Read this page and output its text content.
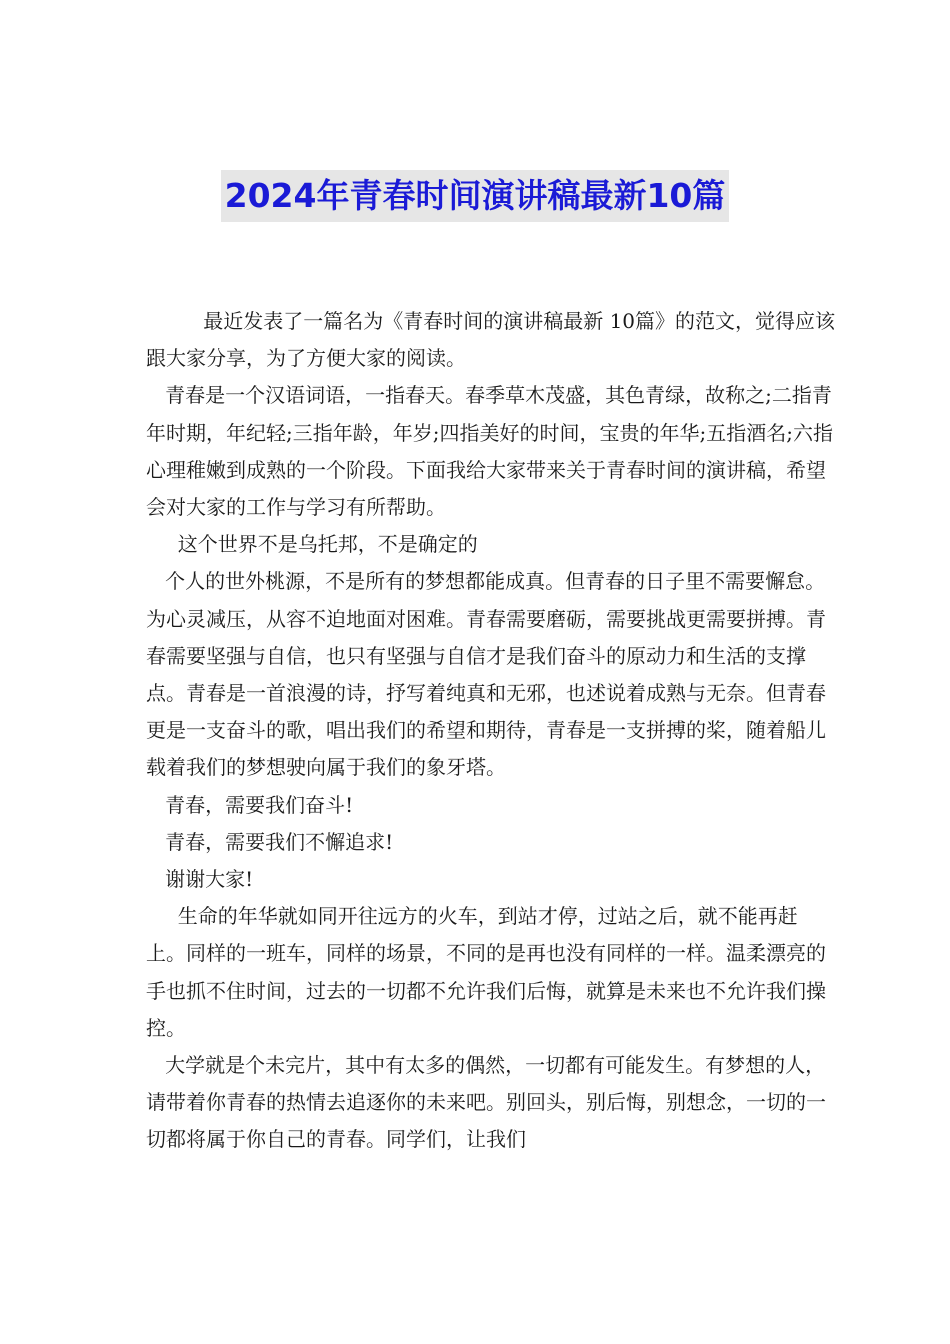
2024年青春时间演讲稿最新10篇

最近发表了一篇名为《青春时间的演讲稿最新 10篇》的范文，觉得应该跟大家分享，为了方便大家的阅读。

青春是一个汉语词语，一指春天。春季草木茂盛，其色青绿，故称之;二指青年时期，年纪轻;三指年龄，年岁;四指美好的时间，宝贵的年华;五指酒名;六指心理稚嫩到成熟的一个阶段。下面我给大家带来关于青春时间的演讲稿，希望会对大家的工作与学习有所帮助。

这个世界不是乌托邦，不是确定的

个人的世外桃源，不是所有的梦想都能成真。但青春的日子里不需要懈怠。为心灵减压，从容不迫地面对困难。青春需要磨砺，需要挑战更需要拼搏。青春需要坚强与自信，也只有坚强与自信才是我们奋斗的原动力和生活的支撑点。青春是一首浪漫的诗，抒写着纯真和无邪，也述说着成熟与无奈。但青春更是一支奋斗的歌，唱出我们的希望和期待，青春是一支拼搏的桨，随着船儿载着我们的梦想驶向属于我们的象牙塔。

青春，需要我们奋斗!

青春，需要我们不懈追求!

谢谢大家!

生命的年华就如同开往远方的火车，到站才停，过站之后，就不能再赶上。同样的一班车，同样的场景，不同的是再也没有同样的一样。温柔漂亮的手也抓不住时间，过去的一切都不允许我们后悔，就算是未来也不允许我们操控。

大学就是个未完片，其中有太多的偶然，一切都有可能发生。有梦想的人，请带着你青春的热情去追逐你的未来吧。别回头，别后悔，别想念，一切的一切都将属于你自己的青春。同学们，让我们
